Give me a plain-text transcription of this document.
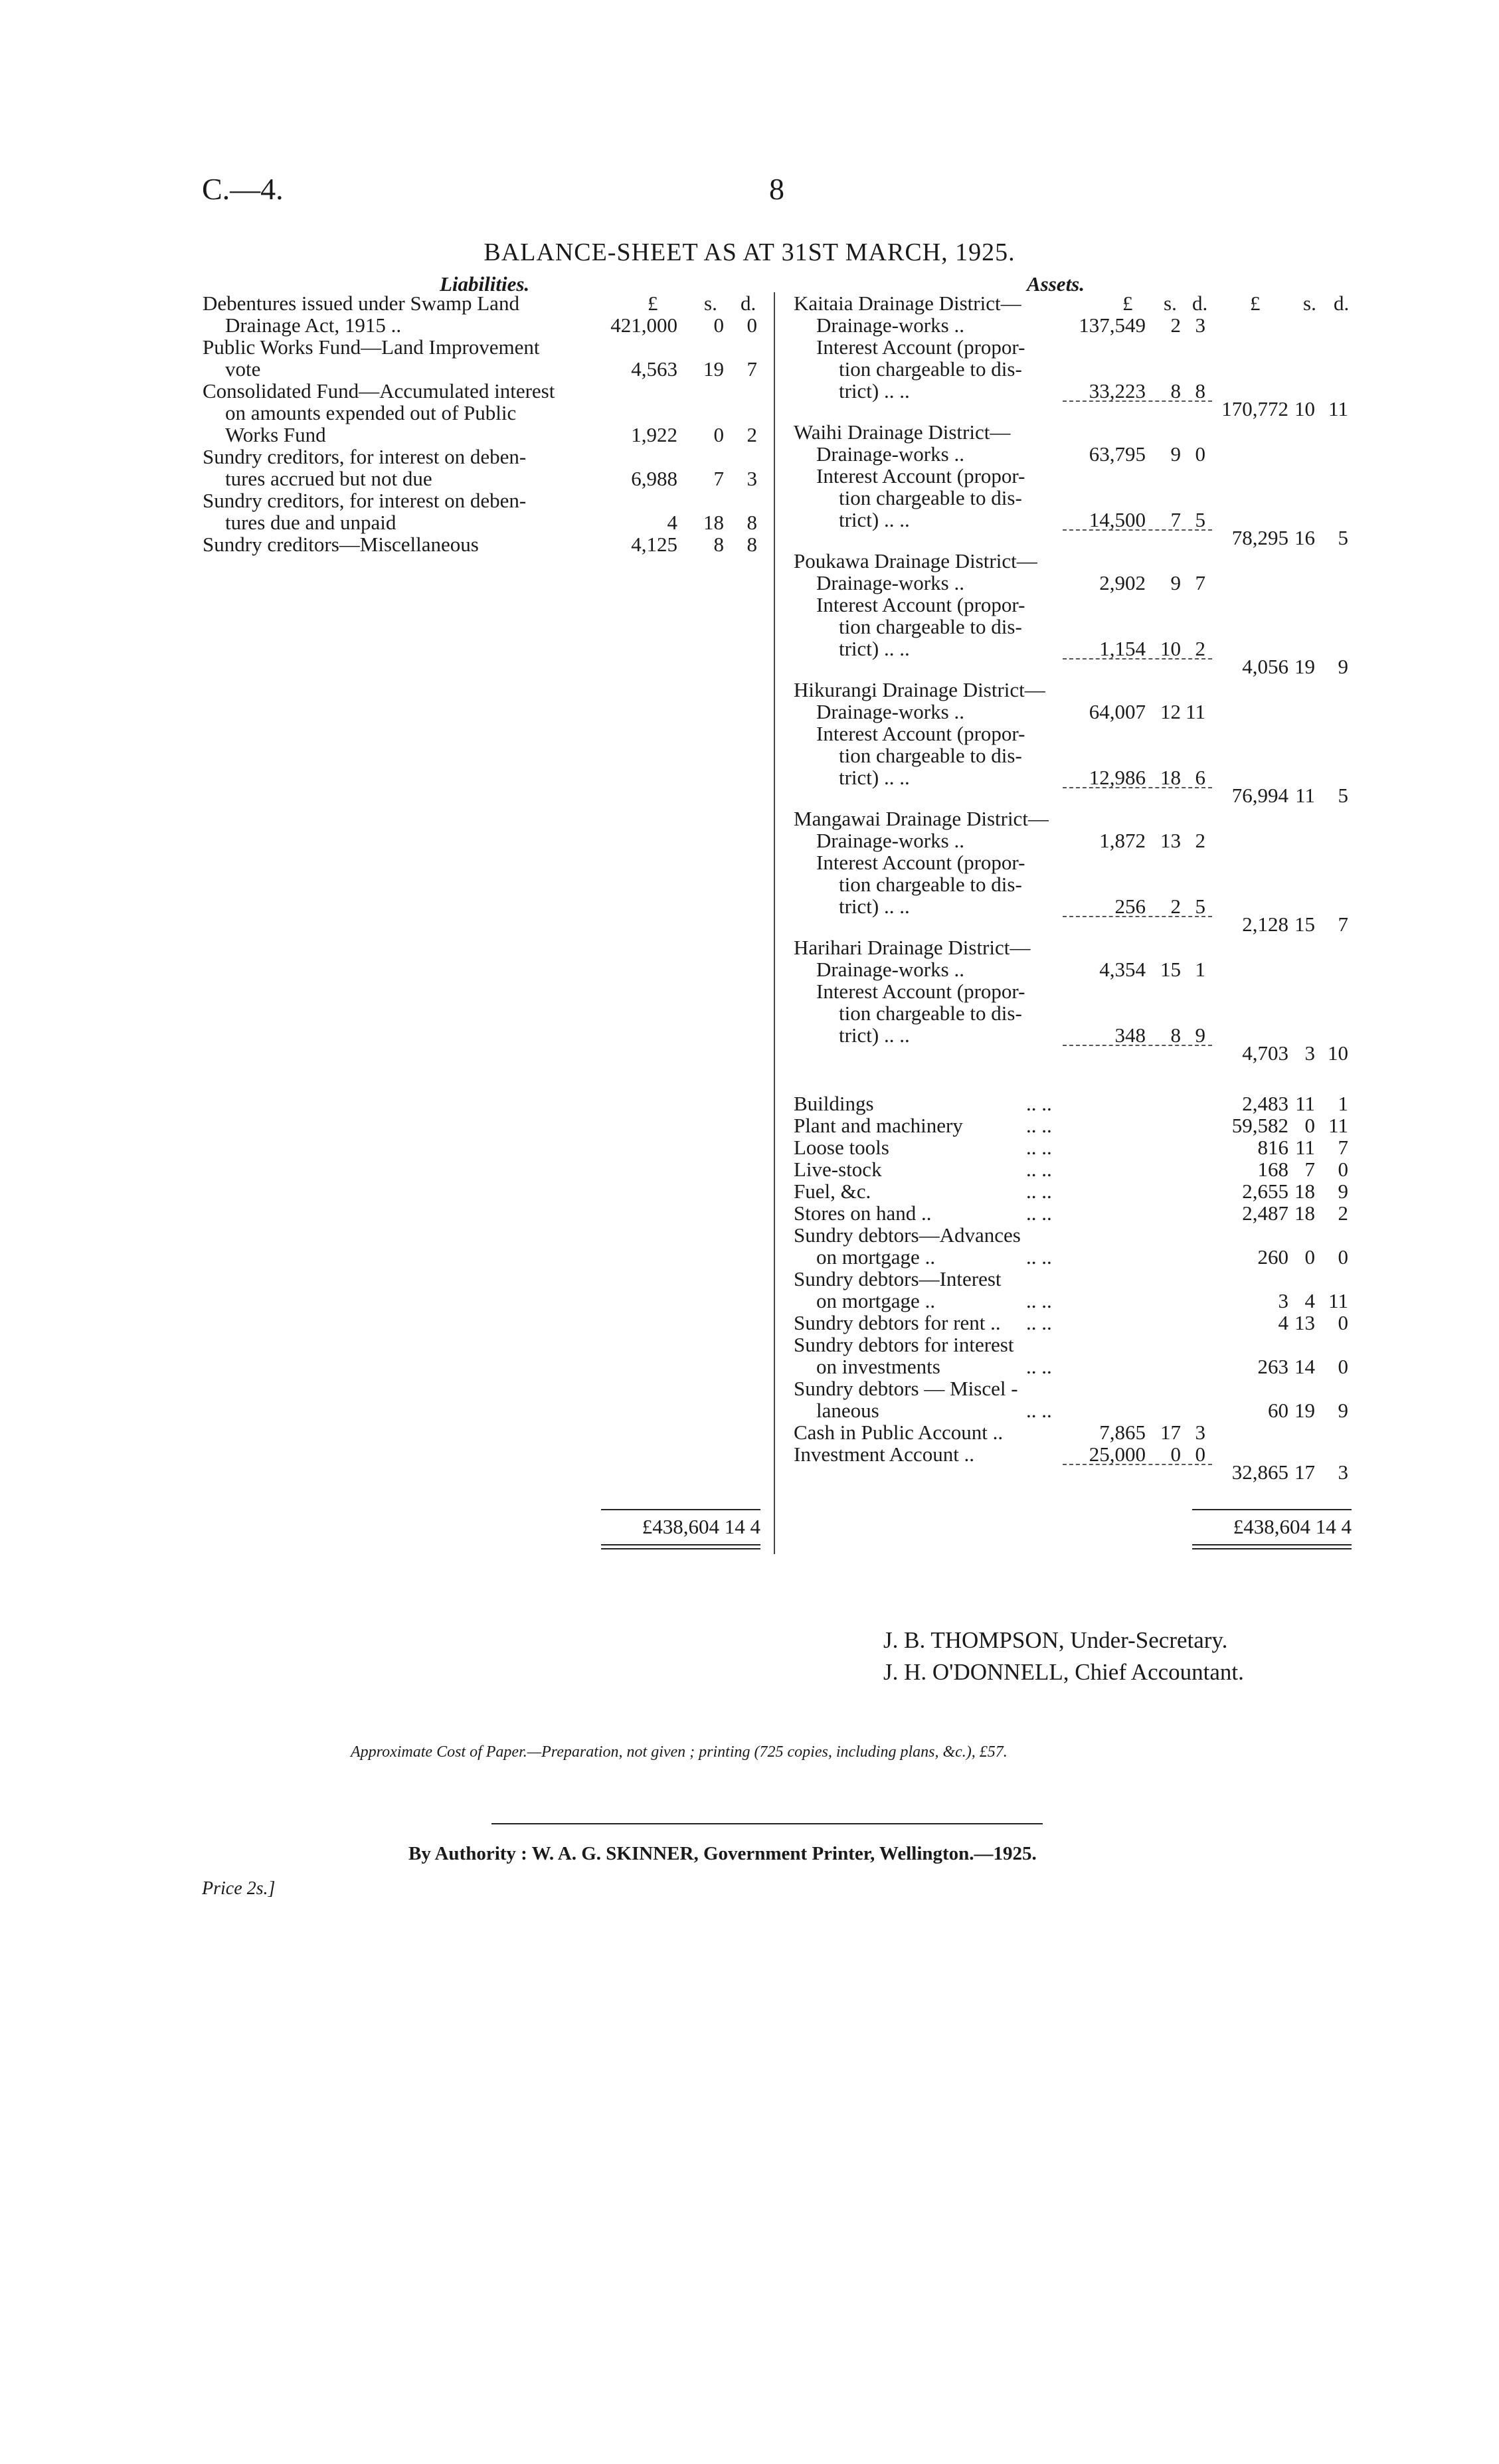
C.—4.	8
BALANCE-SHEET AS AT 31ST MARCH, 1925.
Liabilities.	Assets.
£ s. d.
Debentures issued under Swamp Land
Drainage Act, 1915 ..	421,000	0	0
Public Works Fund—Land Improvement
vote	4,563	19	7
Consolidated Fund—Accumulated interest
on amounts expended out of Public
Works Fund	1,922	0	2
Sundry creditors, for interest on deben-
tures accrued but not due	6,988	7	3
Sundry creditors, for interest on deben-
tures due and unpaid	4	18	8
Sundry creditors—Miscellaneous	4,125	8	8
£438,604 14 4
£ s. d. £ s. d.
Kaitaia Drainage District—
Drainage-works ..	137,549	2 3
Interest Account (propor-
tion chargeable to dis-
trict) .. ..	33,223	8 8
170,772 10 11
Waihi Drainage District—
Drainage-works ..	63,795	9 0
Interest Account (propor-
tion chargeable to dis-
trict) .. ..	14,500	7 5
78,295 16	5
Poukawa Drainage District—
Drainage-works ..	2,902	9 7
Interest Account (propor-
tion chargeable to dis-
trict) .. ..	1,154 10 2
4,056 19	9
Hikurangi Drainage District—
Drainage-works ..	64,007 12 11
Interest Account (propor-
tion chargeable to dis-
trict) .. ..	12,986 18 6
76,994 11	5
Mangawai Drainage District—
Drainage-works ..	1,872 13 2
Interest Account (propor-
tion chargeable to dis-
trict) .. ..	256	2 5
2,128 15	7
Harihari Drainage District—
Drainage-works ..	4,354 15 1
Interest Account (propor-
tion chargeable to dis-
trict) .. ..	348	8 9
4,703 3 10
Buildings	.. ..	2,483 11	1
Plant and machinery	.. ..	59,582 0 11
Loose tools	.. ..	816 11	7
Live-stock	.. ..	168 7	0
Fuel, &c.	.. ..	2,655 18	9
Stores on hand ..	.. ..	2,487 18	2
Sundry debtors—Advances
on mortgage ..	.. ..	260 0	0
Sundry debtors—Interest
on mortgage ..	.. ..	3 4 11
Sundry debtors for rent .. .. ..	4 13	0
Sundry debtors for interest
on investments	.. ..	263 14	0
Sundry debtors — Miscel -
laneous	.. ..	60 19	9
Cash in Public Account ..	7,865 17 3
Investment Account ..	25,000	0 0
32,865 17	3
£438,604 14 4
J. B. THOMPSON, Under-Secretary.
J. H. O'DONNELL, Chief Accountant.
Approximate Cost of Paper.—Preparation, not given ; printing (725 copies, including plans, &c.), £57.
By Authority : W. A. G. SKINNER, Government Printer, Wellington.—1925.
Price 2s.]
